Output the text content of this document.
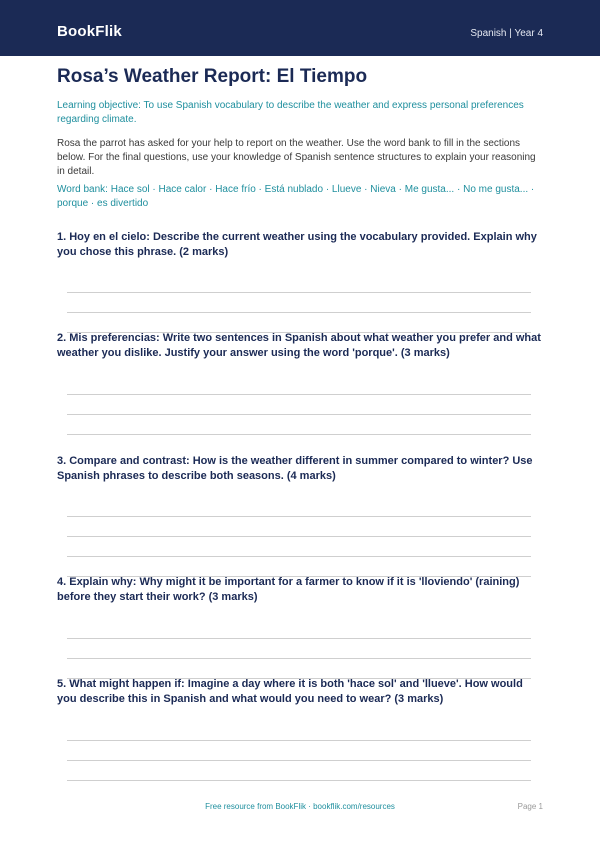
BookFlik	Spanish | Year 4
Rosa’s Weather Report: El Tiempo
Learning objective: To use Spanish vocabulary to describe the weather and express personal preferences regarding climate.
Rosa the parrot has asked for your help to report on the weather. Use the word bank to fill in the sections below. For the final questions, use your knowledge of Spanish sentence structures to explain your reasoning in detail.
Word bank: Hace sol · Hace calor · Hace frío · Está nublado · Llueve · Nieva · Me gusta... · No me gusta... · porque · es divertido
1. Hoy en el cielo: Describe the current weather using the vocabulary provided. Explain why you chose this phrase. (2 marks)
2. Mis preferencias: Write two sentences in Spanish about what weather you prefer and what weather you dislike. Justify your answer using the word 'porque'. (3 marks)
3. Compare and contrast: How is the weather different in summer compared to winter? Use Spanish phrases to describe both seasons. (4 marks)
4. Explain why: Why might it be important for a farmer to know if it is 'lloviendo' (raining) before they start their work? (3 marks)
5. What might happen if: Imagine a day where it is both 'hace sol' and 'llueve'. How would you describe this in Spanish and what would you need to wear? (3 marks)
Free resource from BookFlik · bookflik.com/resources	Page 1
